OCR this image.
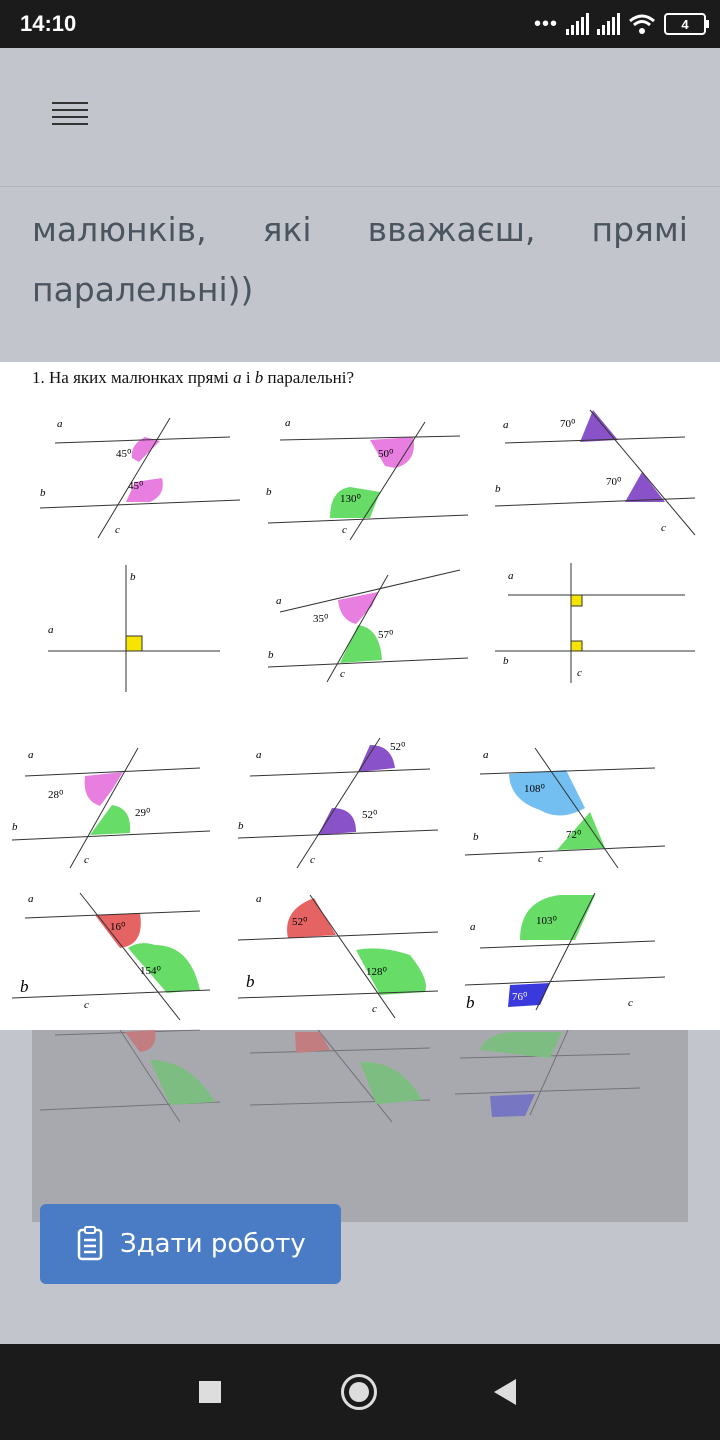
14:10	•••	4
малюнків, які вважаєш, прямі
паралельні))
1. На яких малюнках прямі a і b паралельні?
a
b
c
45⁰
45⁰
a
b
c
50⁰
130⁰
a
b
c
70⁰
70⁰
a
b
a
b
c
35⁰
57⁰
a
b
c
a
b
c
28⁰
29⁰
a
b
c
52⁰
52⁰
a
b
c
108⁰
72⁰
a
b
c
16⁰
154⁰
a
b
c
52⁰
128⁰
a
b	c
103⁰
76⁰
Здати роботу
